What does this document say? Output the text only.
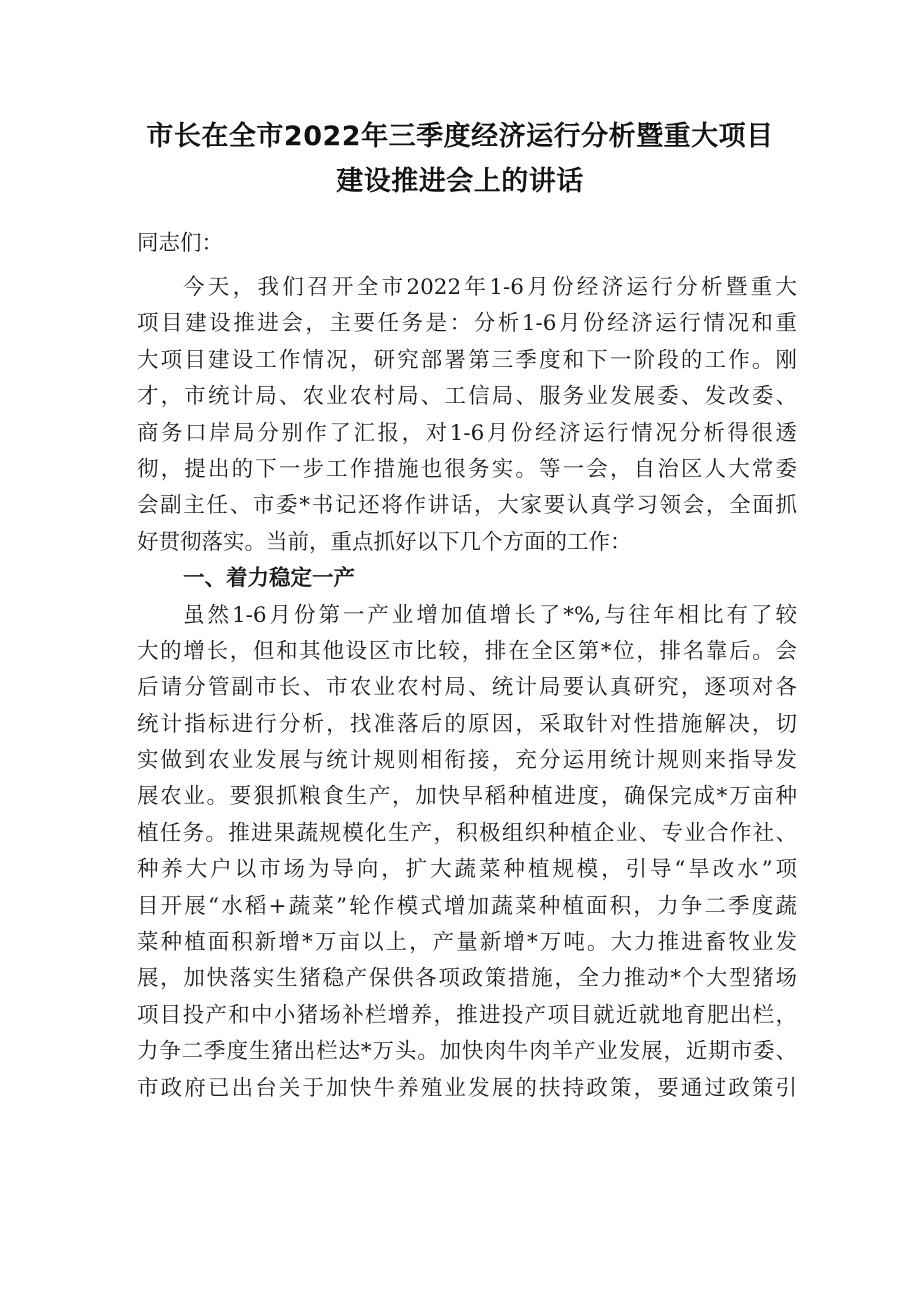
市长在全市2022年三季度经济运行分析暨重大项目
建设推进会上的讲话
同志们：
今天，我们召开全市2022年1-6月份经济运行分析暨重大
项目建设推进会，主要任务是：分析1-6月份经济运行情况和重
大项目建设工作情况，研究部署第三季度和下一阶段的工作。刚
才，市统计局、农业农村局、工信局、服务业发展委、发改委、
商务口岸局分别作了汇报，对1-6月份经济运行情况分析得很透
彻，提出的下一步工作措施也很务实。等一会，自治区人大常委
会副主任、市委*书记还将作讲话，大家要认真学习领会，全面抓
好贯彻落实。当前，重点抓好以下几个方面的工作：
一、着力稳定一产
虽然1-6月份第一产业增加值增长了*%,与往年相比有了较
大的增长，但和其他设区市比较，排在全区第*位，排名靠后。会
后请分管副市长、市农业农村局、统计局要认真研究，逐项对各
统计指标进行分析，找准落后的原因，采取针对性措施解决，切
实做到农业发展与统计规则相衔接，充分运用统计规则来指导发
展农业。要狠抓粮食生产，加快早稻种植进度，确保完成*万亩种
植任务。推进果蔬规模化生产，积极组织种植企业、专业合作社、
种养大户以市场为导向，扩大蔬菜种植规模，引导“旱改水”项
目开展“水稻+蔬菜”轮作模式增加蔬菜种植面积，力争二季度蔬
菜种植面积新增*万亩以上，产量新增*万吨。大力推进畜牧业发
展，加快落实生猪稳产保供各项政策措施，全力推动*个大型猪场
项目投产和中小猪场补栏增养，推进投产项目就近就地育肥出栏，
力争二季度生猪出栏达*万头。加快肉牛肉羊产业发展，近期市委、
市政府已出台关于加快牛养殖业发展的扶持政策，要通过政策引
